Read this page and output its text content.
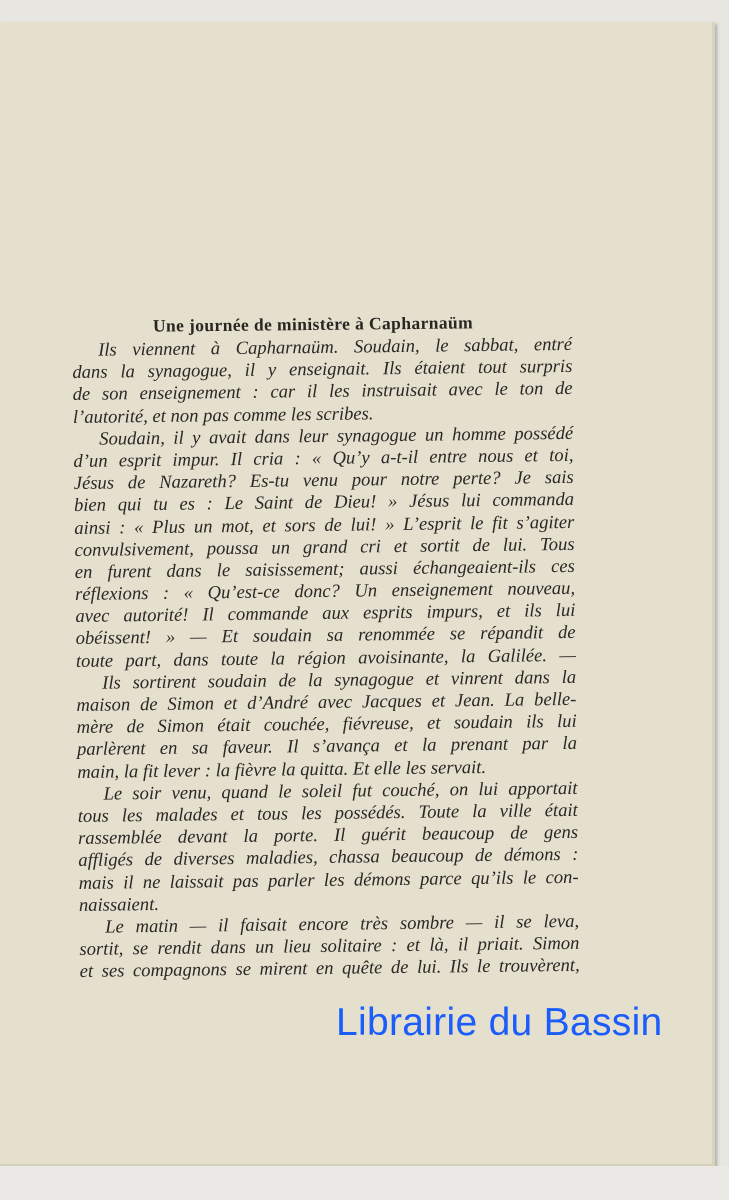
Une journée de ministère à Capharnaüm
Ils viennent à Capharnaüm. Soudain, le sabbat, entré
dans la synagogue, il y enseignait. Ils étaient tout surpris
de son enseignement : car il les instruisait avec le ton de
l’autorité, et non pas comme les scribes.
Soudain, il y avait dans leur synagogue un homme possédé
d’un esprit impur. Il cria : « Qu’y a-t-il entre nous et toi,
Jésus de Nazareth? Es-tu venu pour notre perte? Je sais
bien qui tu es : Le Saint de Dieu! » Jésus lui commanda
ainsi : « Plus un mot, et sors de lui! » L’esprit le fit s’agiter
convulsivement, poussa un grand cri et sortit de lui. Tous
en furent dans le saisissement; aussi échangeaient-ils ces
réflexions : « Qu’est-ce donc? Un enseignement nouveau,
avec autorité! Il commande aux esprits impurs, et ils lui
obéissent! » — Et soudain sa renommée se répandit de
toute part, dans toute la région avoisinante, la Galilée. —
Ils sortirent soudain de la synagogue et vinrent dans la
maison de Simon et d’André avec Jacques et Jean. La belle-
mère de Simon était couchée, fiévreuse, et soudain ils lui
parlèrent en sa faveur. Il s’avança et la prenant par la
main, la fit lever : la fièvre la quitta. Et elle les servait.
Le soir venu, quand le soleil fut couché, on lui apportait
tous les malades et tous les possédés. Toute la ville était
rassemblée devant la porte. Il guérit beaucoup de gens
affligés de diverses maladies, chassa beaucoup de démons :
mais il ne laissait pas parler les démons parce qu’ils le con-
naissaient.
Le matin — il faisait encore très sombre — il se leva,
sortit, se rendit dans un lieu solitaire : et là, il priait. Simon
et ses compagnons se mirent en quête de lui. Ils le trouvèrent,
Librairie du Bassin
